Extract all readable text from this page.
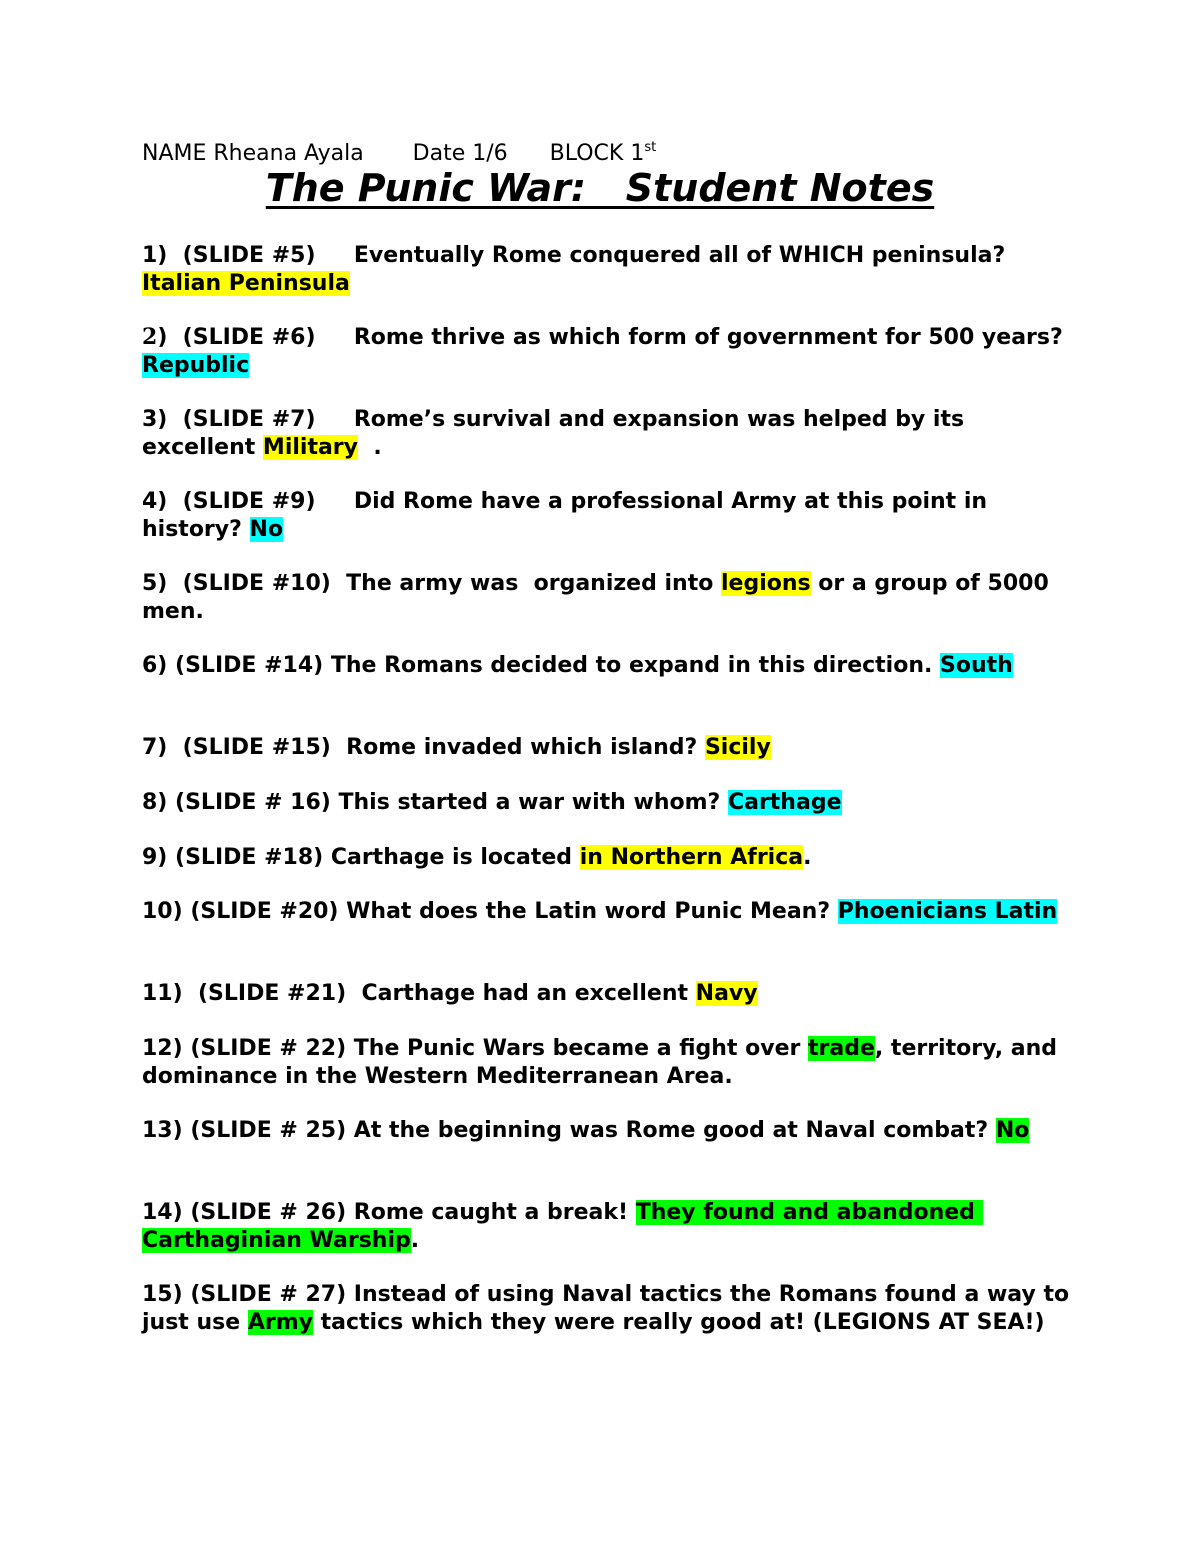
NAME Rheana Ayala Date 1/6 BLOCK 1st
The Punic War:   Student Notes
1)  (SLIDE #5)     Eventually Rome conquered all of WHICH peninsula? Italian Peninsula
2)  (SLIDE #6)     Rome thrive as which form of government for 500 years? Republic
3)  (SLIDE #7)     Rome’s survival and expansion was helped by its excellent Military  .
4)  (SLIDE #9)     Did Rome have a professional Army at this point in history? No
5)  (SLIDE #10)  The army was  organized into legions or a group of 5000 men.
6) (SLIDE #14) The Romans decided to expand in this direction. South
7)  (SLIDE #15)  Rome invaded which island? Sicily
8) (SLIDE # 16) This started a war with whom? Carthage
9) (SLIDE #18) Carthage is located in Northern Africa.
10) (SLIDE #20) What does the Latin word Punic Mean? Phoenicians Latin
11)  (SLIDE #21)  Carthage had an excellent Navy
12) (SLIDE # 22) The Punic Wars became a fight over trade, territory, and dominance in the Western Mediterranean Area.
13) (SLIDE # 25) At the beginning was Rome good at Naval combat? No
14) (SLIDE # 26) Rome caught a break! They found and abandoned Carthaginian Warship.
15) (SLIDE # 27) Instead of using Naval tactics the Romans found a way to just use Army tactics which they were really good at! (LEGIONS AT SEA!)
